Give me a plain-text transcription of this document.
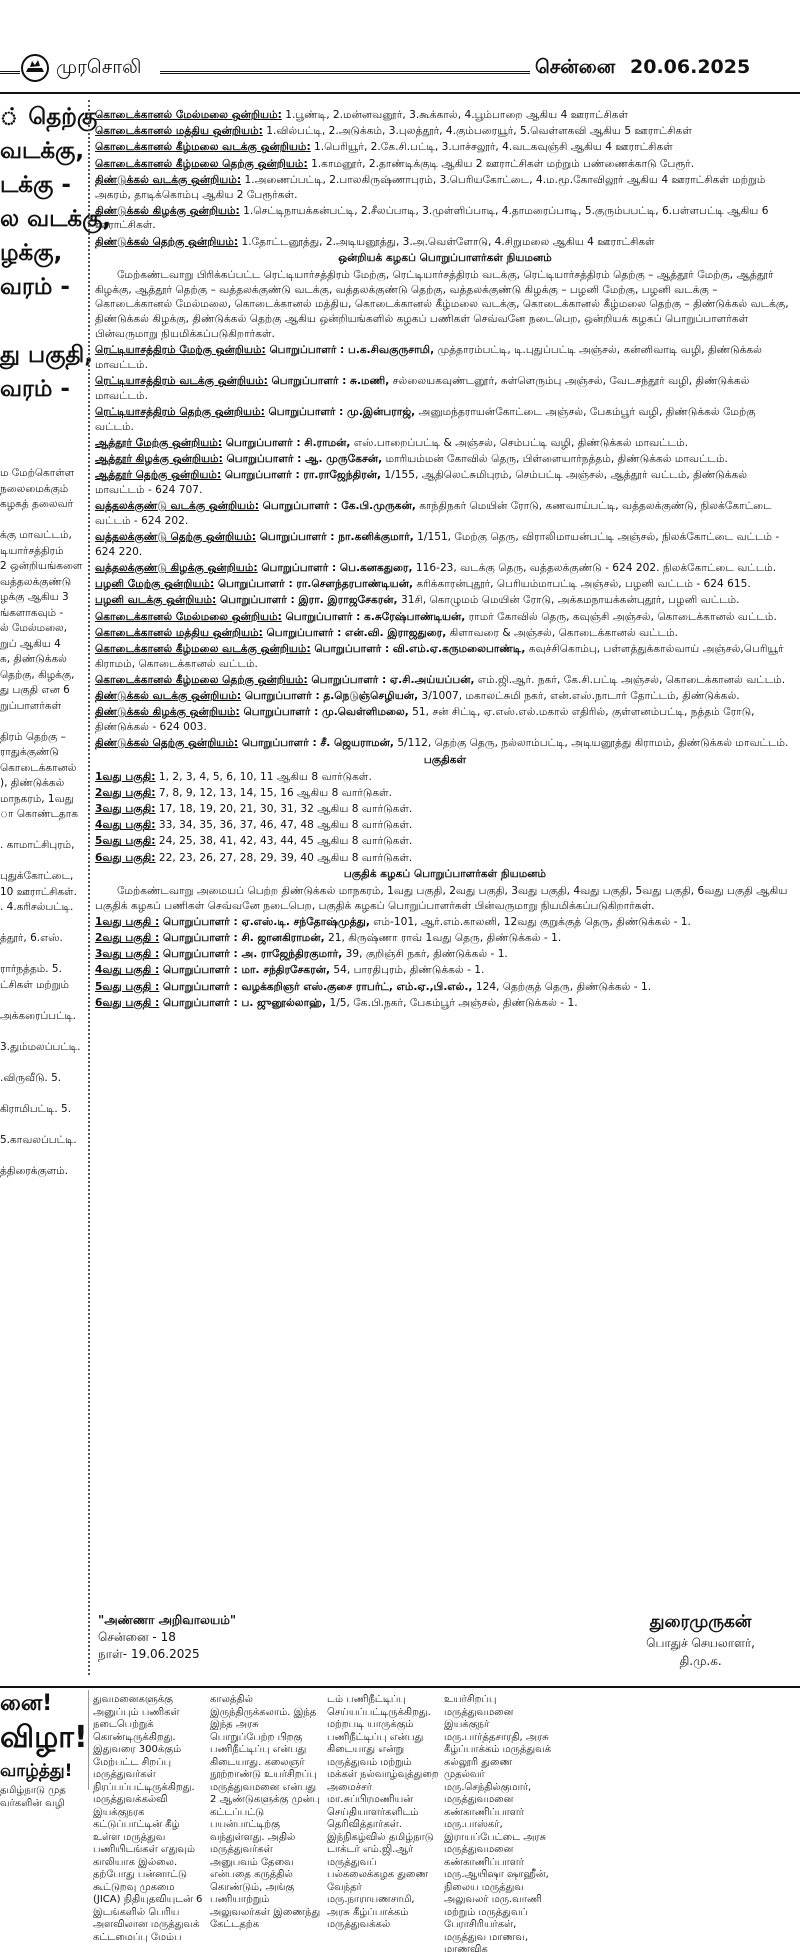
முரசொலி	சென்னை 20.06.2025
் தெற்கு
வடக்கு,
டக்கு -
ல வடக்கு,
ழக்கு,
வரம் -

து பகுதி,
வரம் -
ம மேற்கொள்ள
நலைமைக்கும்
கழகத் தலைவர்

க்கு மாவட்டம்,
டியார்சத்திரம்
2 ஒன்றியங்களை
வத்தலக்குண்டு
ழக்கு ஆகிய 3
ங்களாகவும் -
ல் மேல்மலை,
றுப் ஆகிய 4
க, திண்டுக்கல்
தெற்கு, கிழக்கு,
து பகுதி என 6
றுப்பாளர்கள்

திரம் தெற்கு –
ராதுக்குண்டு
கொடைக்கானல்
), திண்டுக்கல்
மாநகரம், 1வது
ா கொண்டதாக

. காமாட்சிபுரம்,

புதுக்கோட்டை,
10 ஊராட்சிகள்.
. 4.கரிசல்பட்டி.

த்தூர், 6.எஸ்.

ரார்நத்தம். 5.
ட்சிகள் மற்றும்

அக்கரைப்பட்டி.

3.தும்மலப்பட்டி.

.விருவீடு. 5.

கிராமிபட்டி. 5.

5.காவலப்பட்டி.

த்திரைக்குளம்.

கொடைக்கானல் மேல்மலை ஒன்றியம்: 1.பூண்டி, 2.மன்னவனூர், 3.கூக்கால், 4.பூம்பாறை ஆகிய 4 ஊராட்சிகள்

கொடைக்கானல் மத்திய ஒன்றியம்: 1.வில்பட்டி, 2.அடுக்கம், 3.புலத்தூர், 4.கும்பரையூர், 5.வெள்ளகவி ஆகிய 5 ஊராட்சிகள்

கொடைக்கானல் கீழ்மலை வடக்கு ஒன்றியம்: 1.பெரியூர், 2.கே.சி.பட்டி, 3.பாச்சலூர், 4.வடகவுஞ்சி ஆகிய 4 ஊராட்சிகள்

கொடைக்கானல் கீழ்மலை தெற்கு ஒன்றியம்: 1.காமனூர், 2.தாண்டிக்குடி ஆகிய 2 ஊராட்சிகள் மற்றும் பண்ணைக்காடு பேரூர்.

திண்டுக்கல் வடக்கு ஒன்றியம்: 1.அணைப்பட்டி, 2.பாலகிருஷ்ணாபுரம், 3.பெரியகோட்டை, 4.ம.மூ.கோவிலூர் ஆகிய 4 ஊராட்சிகள் மற்றும் அகரம், தாடிக்கொம்பு ஆகிய 2 பேரூர்கள்.

திண்டுக்கல் கிழக்கு ஒன்றியம்: 1.செட்டிநாயக்கன்பட்டி, 2.சீலப்பாடி, 3.முள்ளிப்பாடி, 4.தாமரைப்பாடி, 5.குரும்பபட்டி, 6.பள்ளபட்டி ஆகிய 6 ஊராட்சிகள்.

திண்டுக்கல் தெற்கு ஒன்றியம்: 1.தோட்டனூத்து, 2.அடியனூத்து, 3.அ.வெள்ளோடு, 4.சிறுமலை ஆகிய 4 ஊராட்சிகள்

ஒன்றியக் கழகப் பொறுப்பாளர்கள் நியமனம்

மேற்கண்டவாறு பிரிக்கப்பட்ட ரெட்டியார்சத்திரம் மேற்கு, ரெட்டியார்சத்திரம் வடக்கு, ரெட்டியார்சத்திரம் தெற்கு – ஆத்தூர் மேற்கு, ஆத்தூர் கிழக்கு, ஆத்தூர் தெற்கு – வத்தலக்குண்டு வடக்கு, வத்தலக்குண்டு தெற்கு, வத்தலக்குண்டு கிழக்கு – பழனி மேற்கு, பழனி வடக்கு – கொடைக்கானல் மேல்மலை, கொடைக்கானல் மத்திய, கொடைக்கானல் கீழ்மலை வடக்கு, கொடைக்கானல் கீழ்மலை தெற்கு – திண்டுக்கல் வடக்கு, திண்டுக்கல் கிழக்கு, திண்டுக்கல் தெற்கு ஆகிய ஒன்றியங்களில் கழகப் பணிகள் செவ்வனே நடைபெற, ஒன்றியக் கழகப் பொறுப்பாளர்கள் பின்வருமாறு நியமிக்கப்படுகிறார்கள்.

ரெட்டியாசத்திரம் மேற்கு ஒன்றியம்: பொறுப்பாளர் : ப.க.சிவகுருசாமி, முத்தாரம்பட்டி, டி.புதுப்பட்டி அஞ்சல், கன்னிவாடி வழி, திண்டுக்கல் மாவட்டம்.

ரெட்டியாசத்திரம் வடக்கு ஒன்றியம்: பொறுப்பாளர் : சு.மணி, சல்லையகவுண்டனூர், சுள்ளெரும்பு அஞ்சல், வேடசந்தூர் வழி, திண்டுக்கல் மாவட்டம்.

ரெட்டியாசத்திரம் தெற்கு ஒன்றியம்: பொறுப்பாளர் : மு.இன்பராஜ், அனுமந்தராயன்கோட்டை அஞ்சல், பேகம்பூர் வழி, திண்டுக்கல் மேற்கு வட்டம்.

ஆத்தூர் மேற்கு ஒன்றியம்: பொறுப்பாளர் : சி.ராமன், எஸ்.பாறைப்பட்டி & அஞ்சல், செம்பட்டி வழி, திண்டுக்கல் மாவட்டம்.

ஆத்தூர் கிழக்கு ஒன்றியம்: பொறுப்பாளர் : ஆ. முருகேசன், மாரியம்மன் கோவில் தெரு, பிள்ளையார்நத்தம், திண்டுக்கல் மாவட்டம்.

ஆத்தூர் தெற்கு ஒன்றியம்: பொறுப்பாளர் : ரா.ராஜேந்திரன், 1/155, ஆதிலெட்சுமிபுரம், செம்பட்டி அஞ்சல், ஆத்தூர் வட்டம், திண்டுக்கல் மாவட்டம் - 624 707.

வத்தலக்குண்டு வடக்கு ஒன்றியம்: பொறுப்பாளர் : கே.பி.முருகன், காந்திநகர் மெயின் ரோடு, கணவாய்பட்டி, வத்தலக்குண்டு, நிலக்கோட்டை வட்டம் - 624 202.

வத்தலக்குண்டு தெற்கு ஒன்றியம்: பொறுப்பாளர் : நா.கனிக்குமார், 1/151, மேற்கு தெரு, விராலிமாயன்பட்டி அஞ்சல், நிலக்கோட்டை வட்டம் - 624 220.

வத்தலக்குண்டு கிழக்கு ஒன்றியம்: பொறுப்பாளர் : பெ.கனகதுரை, 116-23, வடக்கு தெரு, வத்தலக்குண்டு - 624 202. நிலக்கோட்டை வட்டம்.

பழனி மேற்கு ஒன்றியம்: பொறுப்பாளர் : ரா.சௌந்தரபாண்டியன், கரிக்காரன்புதூர், பெரியம்மாபட்டி அஞ்சல், பழனி வட்டம் - 624 615.

பழனி வடக்கு ஒன்றியம்: பொறுப்பாளர் : இரா. இராஜசேகரன், 31சி, கொழுமம் மெயின் ரோடு, அக்கமநாயக்கன்புதூர், பழனி வட்டம்.

கொடைக்கானல் மேல்மலை ஒன்றியம்: பொறுப்பாளர் : க.சுரேஷ்பாண்டியன், ராமர் கோவில் தெரு, கவுஞ்சி அஞ்சல், கொடைக்கானல் வட்டம்.

கொடைக்கானல் மத்திய ஒன்றியம்: பொறுப்பாளர் : என்.வி. இராஜதுரை, கிளாவரை & அஞ்சல், கொடைக்கானல் வட்டம்.

கொடைக்கானல் கீழ்மலை வடக்கு ஒன்றியம்: பொறுப்பாளர் : வி.எம்.ஏ.கருமலைபாண்டி, கவுச்சிகொம்பு, பள்ளத்துக்கால்வாய் அஞ்சல்,பெரியூர் கிராமம், கொடைக்கானல் வட்டம்.

கொடைக்கானல் கீழ்மலை தெற்கு ஒன்றியம்: பொறுப்பாளர் : ஏ.சி.அய்யப்பன், எம்.ஜி.ஆர். நகர், கே.சி.பட்டி அஞ்சல், கொடைக்கானல் வட்டம்.

திண்டுக்கல் வடக்கு ஒன்றியம்: பொறுப்பாளர் : த.நெடுஞ்செழியன், 3/1007, மகாலட்சுமி நகர், என்.எஸ்.நாடார் தோட்டம், திண்டுக்கல்.

திண்டுக்கல் கிழக்கு ஒன்றியம்: பொறுப்பாளர் : மு.வெள்ளிமலை, 51, சன் சிட்டி, ஏ.எஸ்.எல்.மகால் எதிரில், குள்ளனம்பட்டி, நத்தம் ரோடு, திண்டுக்கல் - 624 003.

திண்டுக்கல் தெற்கு ஒன்றியம்: பொறுப்பாளர் : சீ. ஜெயராமன், 5/112, தெற்கு தெரு, நல்லாம்பட்டி, அடியனூத்து கிராமம், திண்டுக்கல் மாவட்டம்.

பகுதிகள்

1வது பகுதி: 1, 2, 3, 4, 5, 6, 10, 11 ஆகிய 8 வார்டுகள்.

2வது பகுதி: 7, 8, 9, 12, 13, 14, 15, 16 ஆகிய 8 வார்டுகள்.

3வது பகுதி: 17, 18, 19, 20, 21, 30, 31, 32 ஆகிய 8 வார்டுகள்.

4வது பகுதி: 33, 34, 35, 36, 37, 46, 47, 48 ஆகிய 8 வார்டுகள்.

5வது பகுதி: 24, 25, 38, 41, 42, 43, 44, 45 ஆகிய 8 வார்டுகள்.

6வது பகுதி: 22, 23, 26, 27, 28, 29, 39, 40 ஆகிய 8 வார்டுகள்.

பகுதிக் கழகப் பொறுப்பாளர்கள் நியமனம்

மேற்கண்டவாறு அமையப் பெற்ற திண்டுக்கல் மாநகரம், 1வது பகுதி, 2வது பகுதி, 3வது பகுதி, 4வது பகுதி, 5வது பகுதி, 6வது பகுதி ஆகிய பகுதிக் கழகப் பணிகள் செவ்வனே நடைபெற, பகுதிக் கழகப் பொறுப்பாளர்கள் பின்வருமாறு நியமிக்கப்படுகிறார்கள்.

1வது பகுதி : பொறுப்பாளர் : ஏ.எஸ்.டி. சந்தோஷ்முத்து, எம்-101, ஆர்.எம்.காலனி, 12வது குறுக்குத் தெரு, திண்டுக்கல் - 1.

2வது பகுதி : பொறுப்பாளர் : சி. ஜானகிராமன், 21, கிருஷ்ணா ராவ் 1வது தெரு, திண்டுக்கல் - 1.

3வது பகுதி : பொறுப்பாளர் : அ. ராஜேந்திரகுமார், 39, குறிஞ்சி நகர், திண்டுக்கல் - 1.

4வது பகுதி : பொறுப்பாளர் : மா. சந்திரசேகரன், 54, பாரதிபுரம், திண்டுக்கல் - 1.

5வது பகுதி : பொறுப்பாளர் : வழக்கறிஞர் எஸ்.குசை ராபர்ட், எம்.ஏ.,பி.எல்., 124, தெற்குத் தெரு, திண்டுக்கல் - 1.

6வது பகுதி : பொறுப்பாளர் : ப. ஜுனூல்லாஹ், 1/5, கே.பி.நகர், பேகம்பூர் அஞ்சல், திண்டுக்கல் - 1.

"அண்ணா அறிவாலயம்"
சென்னை - 18
நாள்- 19.06.2025
துரைமுருகன்
பொதுச் செயலாளர்,
தி.மு.க.
னை!
விழா!
வாழ்த்து!
தமிழ்நாடு முத
வர்களின் வழி
துவமனைகளுக்கு அனுப்பும் பணிகள் நடைபெற்றுக் கொண்டிருக்கிறது. இதுவரை 300க்கும் மேற்பட்ட சிறப்பு மருத்துவர்கள் நிரப்பப்பட்டிருக்கிறது. மருத்துவக்கல்வி இயக்குநரக கட்டுப்பாட்டின் கீழ் உள்ள மருத்துவ பணியிடங்கள் எதுவும் காலியாக இல்லை. தற்போது பன்னாட்டு கூட்டுறவு முகமை (JICA) நிதியுதவியுடன் 6 இடங்களில் பெரிய அளவிலான மருத்துவக் கட்டமைப்பு மேம்ப
காலத்தில் இருந்திருக்கலாம். இந்த இந்த அரசு பொறுப்பேற்ற பிறகு பணிநீட்டிப்பு என்பது கிடையாது. கலைஞர் நூற்றாண்டு உயர்சிறப்பு மருத்துவமனை என்பது 2 ஆண்டுகளுக்கு முன்பு கட்டப்பட்டு பயன்பாட்டிற்கு வந்துள்ளது. அதில் மருத்துவர்கள் அனுபவம் தேவை என்பதை கருத்தில் கொண்டும், அங்கு பணியாற்றும் அலுவலர்கள் இணைந்து கேட்டதற்க
டம் பணிநீட்டிப்பு செய்யப்பட்டிருக்கிறது. மற்றபடி யாருக்கும் பணிநீட்டிப்பு என்பது கிடையாது என்று மருத்துவம் மற்றும் மக்கள் நல்வாழ்வுத்துறை அமைச்சர் மா.சுப்பிரமணியன் செய்தியாளர்களிடம் தெரிவித்தார்கள். இந்நிகழ்வில் தமிழ்நாடு டாக்டர் எம்.ஜி.ஆர் மருத்துவப் பல்கலைக்கழக துணை வேந்தர் மரு.நாராயணசாமி, அரசு கீழ்ப்பாக்கம் மருத்துவக்கல்
உயர்சிறப்பு மருத்துவமனை இயக்குநர் மரு.பார்த்தசாரதி, அரசு கீழ்ப்பாக்கம் மருத்துவக் கல்லூரி துணை முதல்வர் மரு.செந்தில்குமார், மருத்துவமனை கண்காணிப்பாளர் மரு.பாஸ்கர், இராயப்பேட்டை அரசு மருத்துவமனை கண்காணிப்பாளர் மரு.ஆயிஷா ஷாஹீன், நிலைய மருத்துவ அலுவலர் மரு.வாணி மற்றும் மருத்துவப் பேராசிரியர்கள், மருத்துவ மாணவ, மாணவிக
